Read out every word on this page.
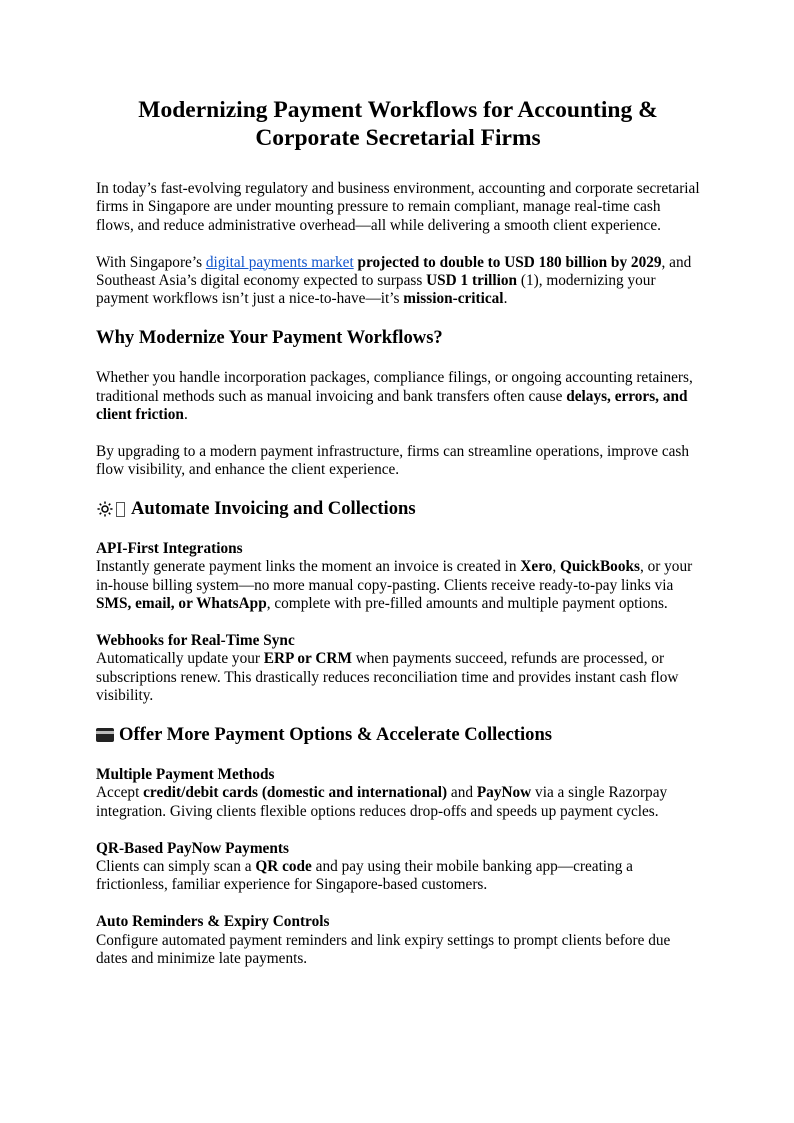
Modernizing Payment Workflows for Accounting & Corporate Secretarial Firms

In today’s fast-evolving regulatory and business environment, accounting and corporate secretarial firms in Singapore are under mounting pressure to remain compliant, manage real-time cash flows, and reduce administrative overhead—all while delivering a smooth client experience.

With Singapore’s digital payments market projected to double to USD 180 billion by 2029, and Southeast Asia’s digital economy expected to surpass USD 1 trillion (1), modernizing your payment workflows isn’t just a nice-to-have—it’s mission-critical.

Why Modernize Your Payment Workflows?

Whether you handle incorporation packages, compliance filings, or ongoing accounting retainers, traditional methods such as manual invoicing and bank transfers often cause delays, errors, and client friction.

By upgrading to a modern payment infrastructure, firms can streamline operations, improve cash flow visibility, and enhance the client experience.

Automate Invoicing and Collections

API-First Integrations
Instantly generate payment links the moment an invoice is created in Xero, QuickBooks, or your in-house billing system—no more manual copy-pasting. Clients receive ready-to-pay links via SMS, email, or WhatsApp, complete with pre-filled amounts and multiple payment options.

Webhooks for Real-Time Sync
Automatically update your ERP or CRM when payments succeed, refunds are processed, or subscriptions renew. This drastically reduces reconciliation time and provides instant cash flow visibility.

Offer More Payment Options & Accelerate Collections

Multiple Payment Methods
Accept credit/debit cards (domestic and international) and PayNow via a single Razorpay integration. Giving clients flexible options reduces drop-offs and speeds up payment cycles.

QR-Based PayNow Payments
Clients can simply scan a QR code and pay using their mobile banking app—creating a frictionless, familiar experience for Singapore-based customers.

Auto Reminders & Expiry Controls
Configure automated payment reminders and link expiry settings to prompt clients before due dates and minimize late payments.
